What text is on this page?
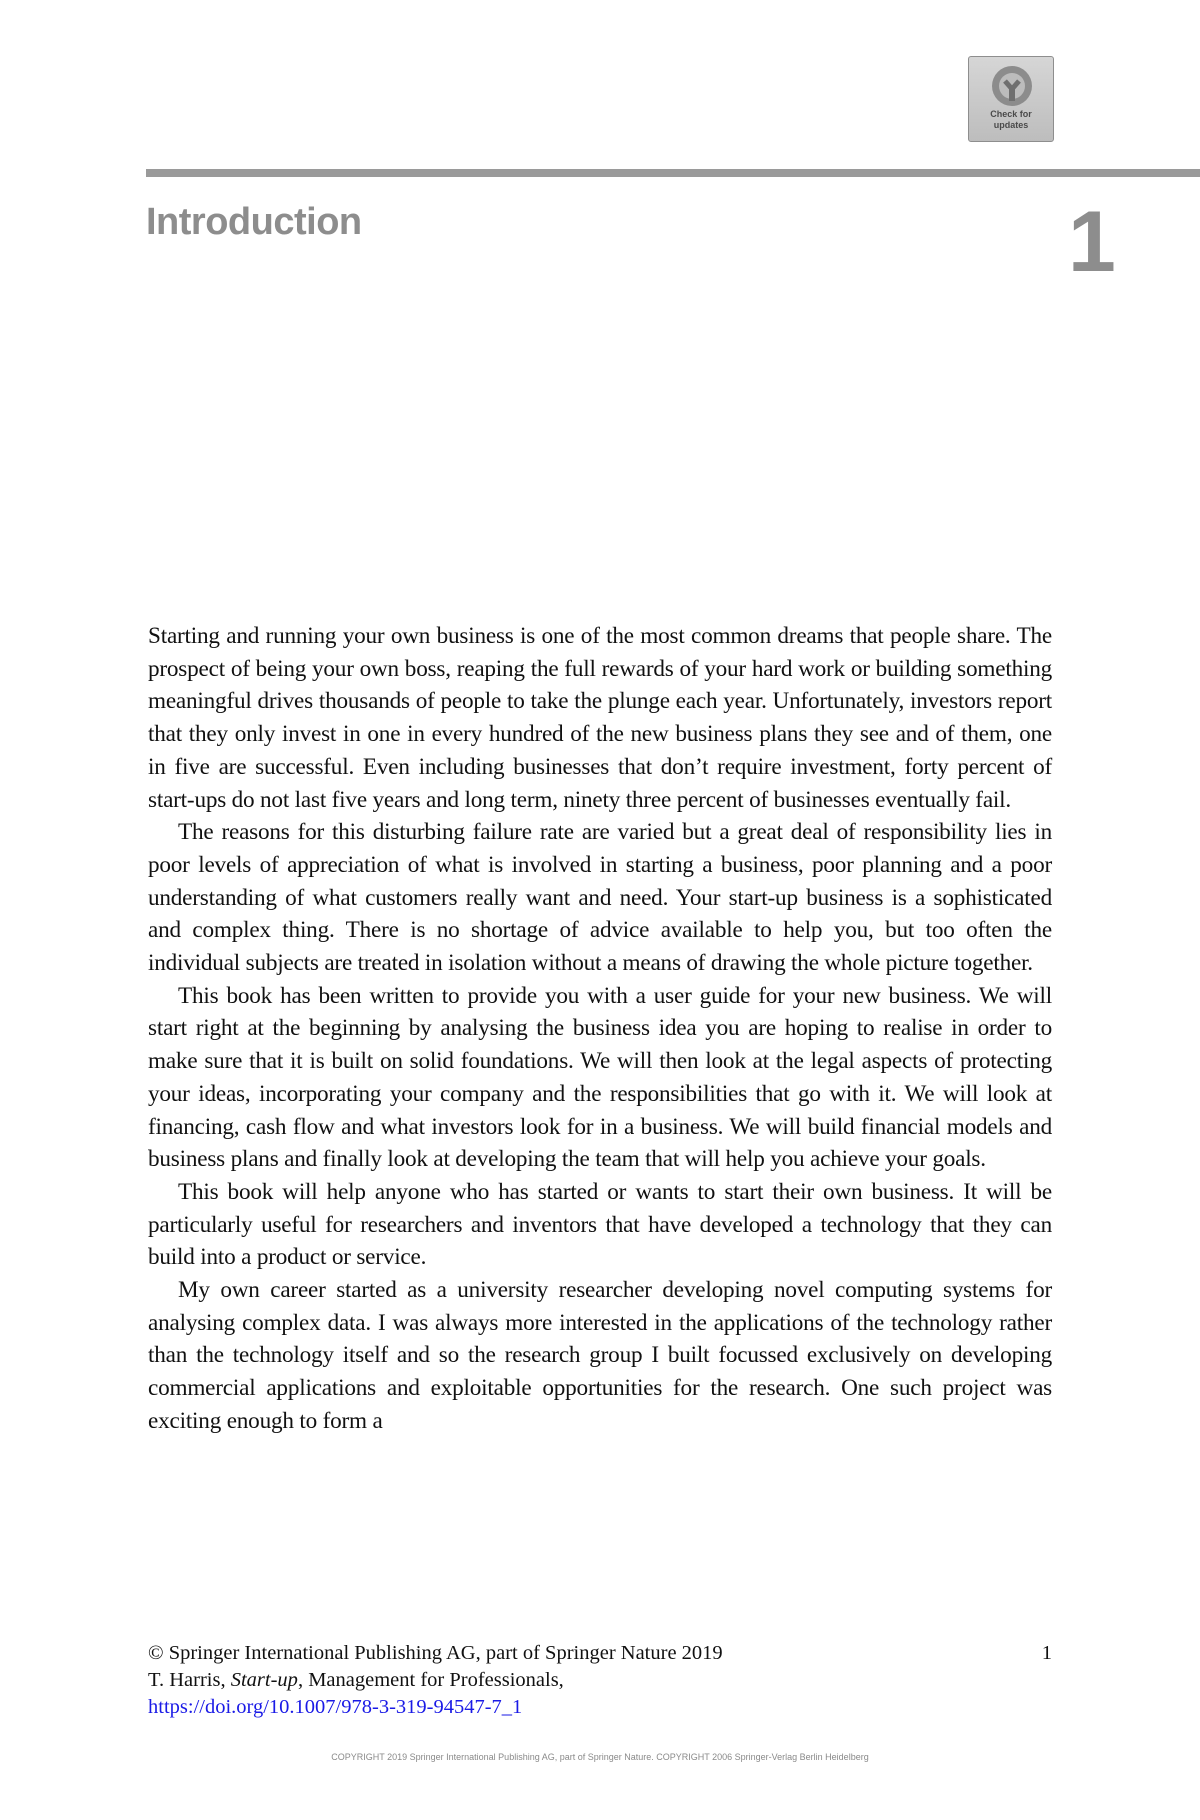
Check for updates
Introduction	1

Starting and running your own business is one of the most common dreams that people share. The prospect of being your own boss, reaping the full rewards of your hard work or building something meaningful drives thousands of people to take the plunge each year. Unfortunately, investors report that they only invest in one in every hundred of the new business plans they see and of them, one in five are successful. Even including businesses that don’t require investment, forty percent of start-ups do not last five years and long term, ninety three percent of businesses eventually fail.

The reasons for this disturbing failure rate are varied but a great deal of responsibility lies in poor levels of appreciation of what is involved in starting a business, poor planning and a poor understanding of what customers really want and need. Your start-up business is a sophisticated and complex thing. There is no shortage of advice available to help you, but too often the individual subjects are treated in isolation without a means of drawing the whole picture together.

This book has been written to provide you with a user guide for your new business. We will start right at the beginning by analysing the business idea you are hoping to realise in order to make sure that it is built on solid foundations. We will then look at the legal aspects of protecting your ideas, incorporating your company and the responsibilities that go with it. We will look at financing, cash flow and what investors look for in a business. We will build financial models and business plans and finally look at developing the team that will help you achieve your goals.

This book will help anyone who has started or wants to start their own business. It will be particularly useful for researchers and inventors that have developed a technology that they can build into a product or service.

My own career started as a university researcher developing novel computing systems for analysing complex data. I was always more interested in the applications of the technology rather than the technology itself and so the research group I built focussed exclusively on developing commercial applications and exploitable opportunities for the research. One such project was exciting enough to form a

© Springer International Publishing AG, part of Springer Nature 2019	1
T. Harris, Start-up, Management for Professionals,
https://doi.org/10.1007/978-3-319-94547-7_1
COPYRIGHT 2019 Springer International Publishing AG, part of Springer Nature. COPYRIGHT 2006 Springer-Verlag Berlin Heidelberg
